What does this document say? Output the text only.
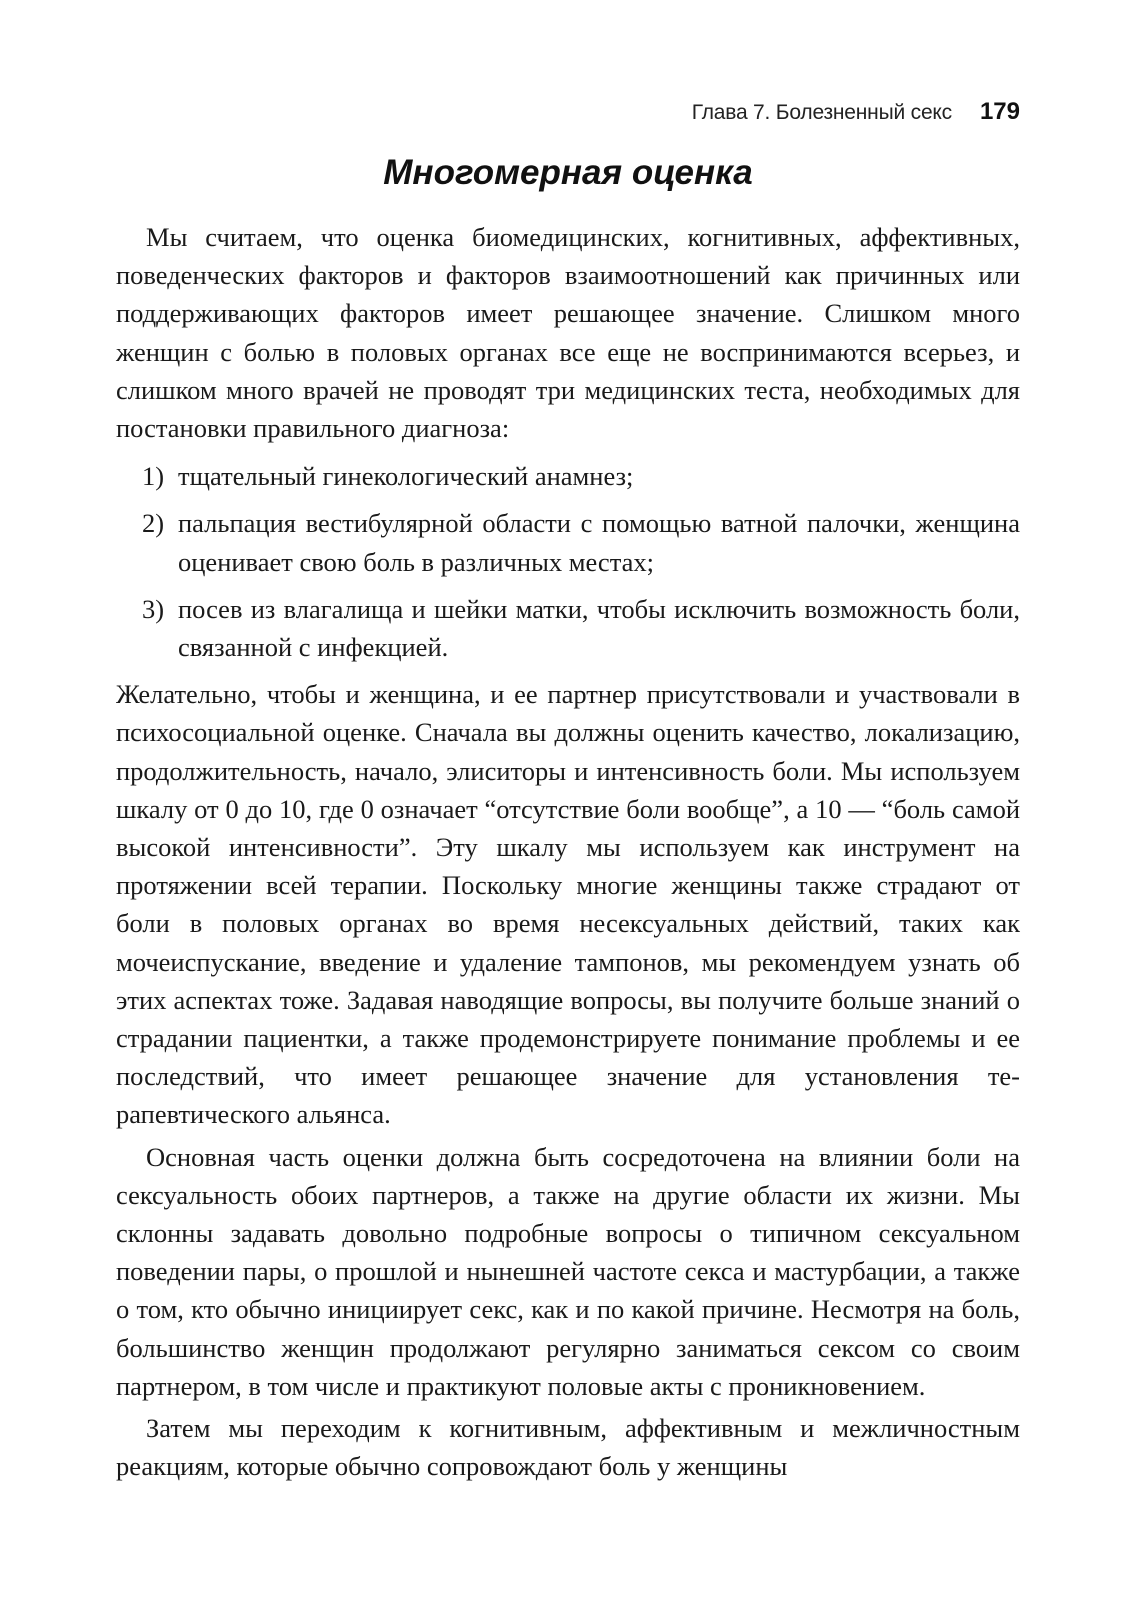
Глава 7. Болезненный секс 179
Многомерная оценка

Мы считаем, что оценка биомедицинских, когнитивных, аффективных, поведенческих факторов и факторов взаимоотношений как причинных или поддерживающих факторов имеет решающее значение. Слишком много женщин с болью в половых органах все еще не воспринимаются всерьез, и слишком много врачей не проводят три медицинских теста, необходимых для постановки правильного диагноза:

1) тщательный гинекологический анамнез;
2) пальпация вестибулярной области с помощью ватной палочки, женщина оценивает свою боль в различных местах;
3) посев из влагалища и шейки матки, чтобы исключить возможность боли, связанной с инфекцией.

Желательно, чтобы и женщина, и ее партнер присутствовали и участвовали в психосоциальной оценке. Сначала вы должны оценить качество, локализацию, продолжительность, начало, элиситоры и интенсивность боли. Мы используем шкалу от 0 до 10, где 0 означает “отсутствие боли вообще”, а 10 — “боль самой высокой интенсивности”. Эту шкалу мы используем как инструмент на протяжении всей терапии. Поскольку многие женщины также страдают от боли в половых органах во время несексуальных действий, таких как мочеиспускание, введение и удаление тампонов, мы рекомендуем узнать об этих аспектах тоже. Задавая наводящие вопросы, вы получите больше знаний о страдании пациентки, а также продемонстрируете понимание проблемы и ее последствий, что имеет решающее значение для установления терапевтического альянса.

Основная часть оценки должна быть сосредоточена на влиянии боли на сексуальность обоих партнеров, а также на другие области их жизни. Мы склонны задавать довольно подробные вопросы о типичном сексуальном поведении пары, о прошлой и нынешней частоте секса и мастурбации, а также о том, кто обычно инициирует секс, как и по какой причине. Несмотря на боль, большинство женщин продолжают регулярно заниматься сексом со своим партнером, в том числе и практикуют половые акты с проникновением.

Затем мы переходим к когнитивным, аффективным и межличностным реакциям, которые обычно сопровождают боль у женщины
